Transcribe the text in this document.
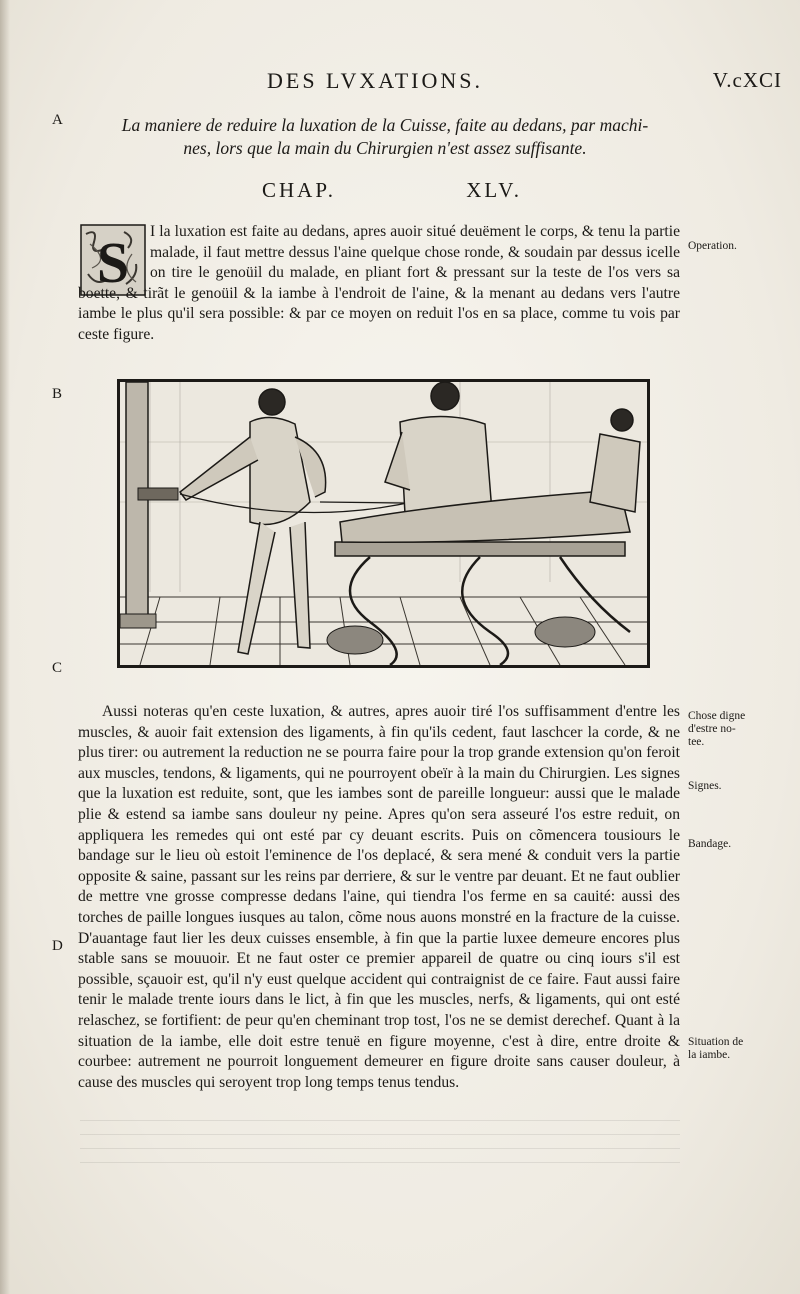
DES LVXATIONS.	V.cXCI
A
B
C
D
La maniere de reduire la luxation de la Cuisse, faite au dedans, par machi-
nes, lors que la main du Chirurgien n'est assez suffisante.
CHAP.	XLV.
S	I la luxation est faite au dedans, apres auoir situé deuëment le corps, & tenu la partie malade, il faut mettre dessus l'aine quelque chose ronde, & soudain par dessus icelle on tire le genoüil du malade, en pliant fort & pressant sur la teste de l'os vers sa boette, & tirãt le genoüil & la iambe à l'endroit de l'aine, & la menant au dedans vers l'autre iambe le plus qu'il sera possible: & par ce moyen on reduit l'os en sa place, comme tu vois par ceste figure.
Operation.
Aussi noteras qu'en ceste luxation, & autres, apres auoir tiré l'os suffisamment d'entre les muscles, & auoir fait extension des ligaments, à fin qu'ils cedent, faut laschcer la corde, & ne plus tirer: ou autrement la reduction ne se pourra faire pour la trop grande extension qu'on feroit aux muscles, tendons, & ligaments, qui ne pourroyent obeïr à la main du Chirurgien. Les signes que la luxation est reduite, sont, que les iambes sont de pareille longueur: aussi que le malade plie & estend sa iambe sans douleur ny peine. Apres qu'on sera asseuré l'os estre reduit, on appliquera les remedes qui ont esté par cy deuant escrits. Puis on cõmencera tousiours le bandage sur le lieu où estoit l'eminence de l'os deplacé, & sera mené & conduit vers la partie opposite & saine, passant sur les reins par derriere, & sur le ventre par deuant. Et ne faut oublier de mettre vne grosse compresse dedans l'aine, qui tiendra l'os ferme en sa cauité: aussi des torches de paille longues iusques au talon, cõme nous auons monstré en la fracture de la cuisse. D'auantage faut lier les deux cuisses ensemble, à fin que la partie luxee demeure encores plus stable sans se mouuoir. Et ne faut oster ce premier appareil de quatre ou cinq iours s'il est possible, sçauoir est, qu'il n'y eust quelque accident qui contraignist de ce faire. Faut aussi faire tenir le malade trente iours dans le lict, à fin que les muscles, nerfs, & ligaments, qui ont esté relaschez, se fortifient: de peur qu'en cheminant trop tost, l'os ne se demist derechef. Quant à la situation de la iambe, elle doit estre tenuë en figure moyenne, c'est à dire, entre droite & courbee: autrement ne pourroit longuement demeurer en figure droite sans causer douleur, à cause des muscles qui seroyent trop long temps tenus tendus.
Chose digne
d'estre no-
tee.
Signes.
Bandage.
Situation de
la iambe.
